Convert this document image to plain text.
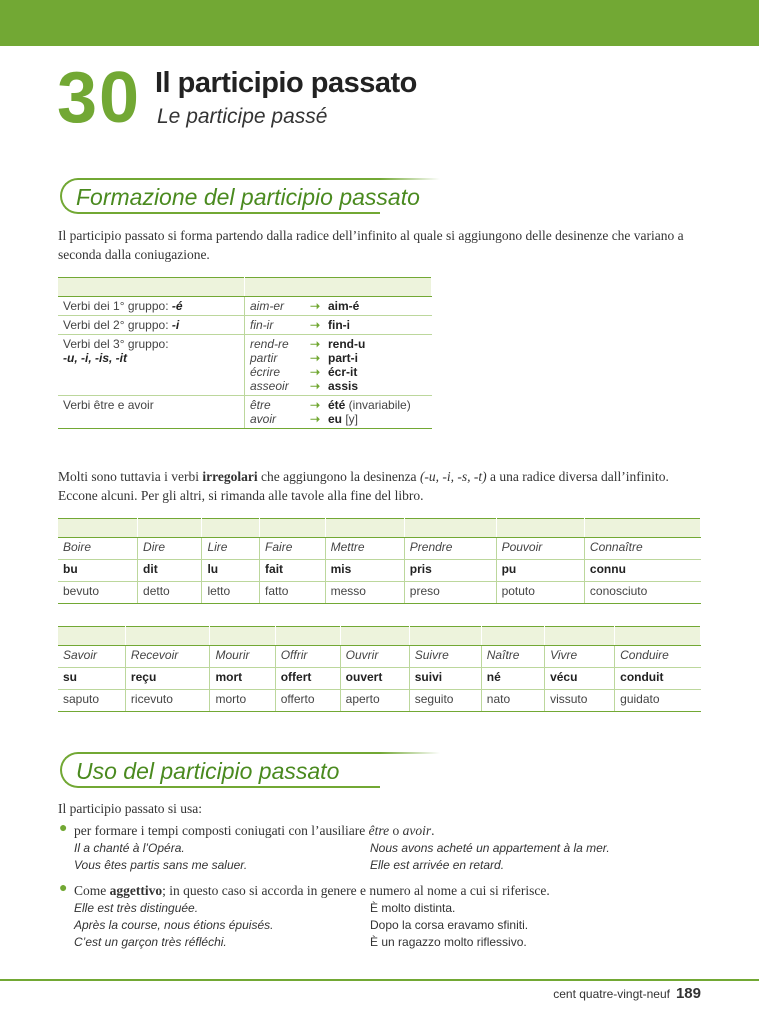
30 Il participio passato
Le participe passé
Formazione del participio passato
Il participio passato si forma partendo dalla radice dell’infinito al quale si aggiungono delle desinenze che variano a seconda dalla coniugazione.

Verbi dei 1° gruppo: -é	aim-er ➝ aim-é

Verbi del 2° gruppo: -i	fin-ir ➝ fin-i

Verbi del 3° gruppo:
-u, -i, -is, -it	rend-re ➝ rend-u
partir ➝ part-i
écrire ➝ écr-it
asseoir ➝ assis

Verbi être e avoir	être ➝ été (invariabile)
avoir ➝ eu [y]
Molti sono tuttavia i verbi irregolari che aggiungono la desinenza (-u, -i, -s, -t) a una radice diversa dall’infinito. Eccone alcuni. Per gli altri, si rimanda alle tavole alla fine del libro.

Boire	Dire	Lire	Faire	Mettre	Prendre	Pouvoir	Connaître
bu	dit	lu	fait	mis	pris	pu	connu
bevuto	detto	letto	fatto	messo	preso	potuto	conosciuto

Savoir	Recevoir	Mourir	Offrir	Ouvrir	Suivre	Naître	Vivre	Conduire
su	reçu	mort	offert	ouvert	suivi	né	vécu	conduit
saputo	ricevuto	morto	offerto	aperto	seguito	nato	vissuto	guidato
Uso del participio passato
Il participio passato si usa:
● per formare i tempi composti coniugati con l’ausiliare être o avoir.
Il a chanté à l’Opéra.	Nous avons acheté un appartement à la mer.
Vous êtes partis sans me saluer.	Elle est arrivée en retard.
● Come aggettivo; in questo caso si accorda in genere e numero al nome a cui si riferisce.
Elle est très distinguée.	È molto distinta.
Après la course, nous étions épuisés.	Dopo la corsa eravamo sfiniti.
C’est un garçon très réfléchi.	È un ragazzo molto riflessivo.
cent quatre-vingt-neuf 189
